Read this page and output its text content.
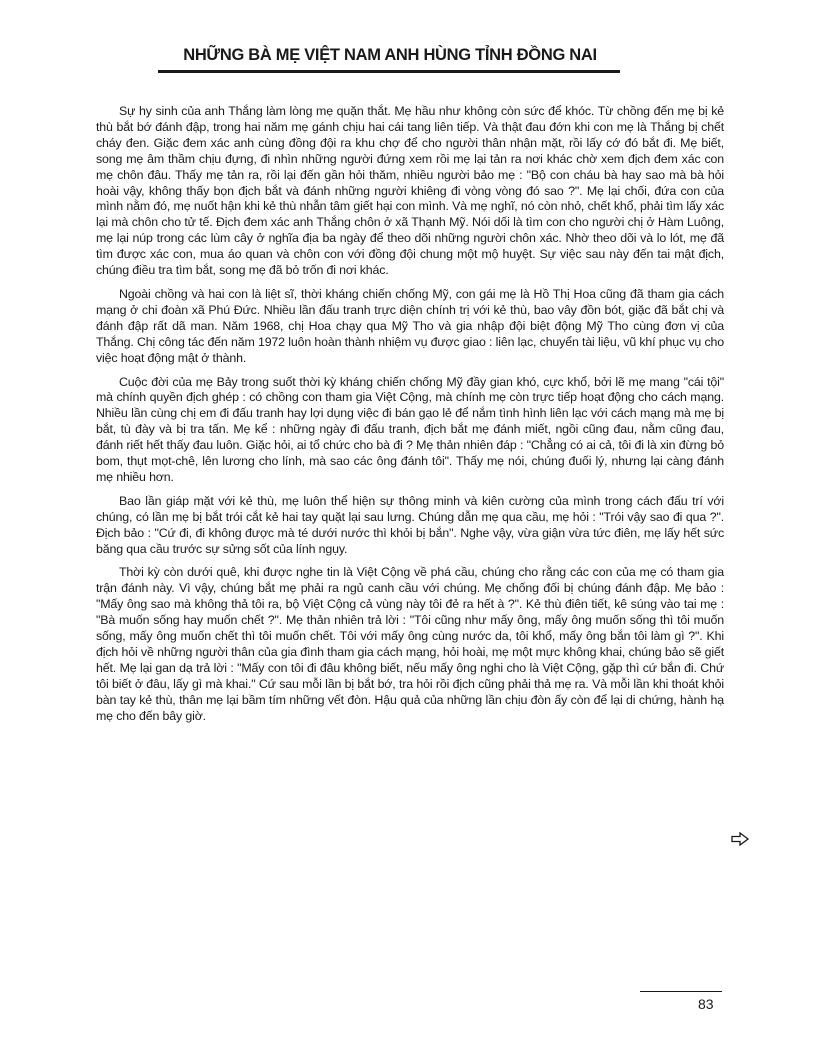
NHỮNG BÀ MẸ VIỆT NAM ANH HÙNG TỈNH ĐỒNG NAI

Sự hy sinh của anh Thắng làm lòng mẹ quặn thắt. Mẹ hầu như không còn sức để khóc. Từ chồng đến mẹ bị kẻ thù bắt bớ đánh đập, trong hai năm mẹ gánh chịu hai cái tang liên tiếp. Và thật đau đớn khi con mẹ là Thắng bị chết cháy đen. Giặc đem xác anh cùng đồng đội ra khu chợ để cho người thân nhận mặt, rồi lấy cớ đó bắt đi. Mẹ biết, song mẹ âm thầm chịu đựng, đi nhìn những người đứng xem rồi mẹ lại tản ra nơi khác chờ xem địch đem xác con mẹ chôn đâu. Thấy mẹ tản ra, rồi lại đến gần hỏi thăm, nhiều người bảo mẹ : "Bộ con cháu bà hay sao mà bà hỏi hoài vậy, không thấy bọn địch bắt và đánh những người khiêng đi vòng vòng đó sao ?". Mẹ lại chối, đứa con của mình nằm đó, mẹ nuốt hận khi kẻ thù nhẫn tâm giết hại con mình. Và mẹ nghĩ, nó còn nhỏ, chết khổ, phải tìm lấy xác lại mà chôn cho tử tế. Địch đem xác anh Thắng chôn ở xã Thạnh Mỹ. Nói dối là tìm con cho người chị ở Hàm Luông, mẹ lại núp trong các lùm cây ở nghĩa địa ba ngày để theo dõi những người chôn xác. Nhờ theo dõi và lo lót, mẹ đã tìm được xác con, mua áo quan và chôn con với đồng đội chung một mộ huyệt. Sự việc sau này đến tai mật địch, chúng điều tra tìm bắt, song mẹ đã bỏ trốn đi nơi khác.

Ngoài chồng và hai con là liệt sĩ, thời kháng chiến chống Mỹ, con gái mẹ là Hồ Thị Hoa cũng đã tham gia cách mạng ở chi đoàn xã Phú Đức. Nhiều lần đấu tranh trực diện chính trị với kẻ thù, bao vây đồn bót, giặc đã bắt chị và đánh đập rất dã man. Năm 1968, chị Hoa chạy qua Mỹ Tho và gia nhập đội biệt động Mỹ Tho cùng đơn vị của Thắng. Chị công tác đến năm 1972 luôn hoàn thành nhiệm vụ được giao : liên lạc, chuyển tài liệu, vũ khí phục vụ cho việc hoạt động mật ở thành.

Cuộc đời của mẹ Bảy trong suốt thời kỳ kháng chiến chống Mỹ đầy gian khó, cực khổ, bởi lẽ mẹ mang "cái tội" mà chính quyền địch ghép : có chồng con tham gia Việt Cộng, mà chính mẹ còn trực tiếp hoạt động cho cách mạng. Nhiều lần cùng chị em đi đấu tranh hay lợi dụng việc đi bán gạo lẻ để nắm tình hình liên lạc với cách mạng mà mẹ bị bắt, tù đày và bị tra tấn. Mẹ kể : những ngày đi đấu tranh, địch bắt mẹ đánh miết, ngồi cũng đau, nằm cũng đau, đánh riết hết thấy đau luôn. Giặc hỏi, ai tổ chức cho bà đi ? Mẹ thản nhiên đáp : "Chẳng có ai cả, tôi đi là xin đừng bỏ bom, thụt mọt-chê, lên lương cho lính, mà sao các ông đánh tôi". Thấy mẹ nói, chúng đuối lý, nhưng lại càng đánh mẹ nhiều hơn.

Bao lần giáp mặt với kẻ thù, mẹ luôn thể hiện sự thông minh và kiên cường của mình trong cách đấu trí với chúng, có lần mẹ bị bắt trói cắt kẻ hai tay quặt lại sau lưng. Chúng dẫn mẹ qua cầu, mẹ hỏi : "Trói vậy sao đi qua ?". Địch bảo : "Cứ đi, đi không được mà té dưới nước thì khỏi bị bắn". Nghe vậy, vừa giận vừa tức điên, mẹ lấy hết sức băng qua cầu trước sự sửng sốt của lính ngụy.

Thời kỳ còn dưới quê, khi được nghe tin là Việt Cộng về phá cầu, chúng cho rằng các con của mẹ có tham gia trận đánh này. Vì vậy, chúng bắt mẹ phải ra ngủ canh cầu với chúng. Mẹ chống đối bị chúng đánh đập. Mẹ bảo : "Mấy ông sao mà không thả tôi ra, bộ Việt Cộng cả vùng này tôi đẻ ra hết à ?". Kẻ thù điên tiết, kê súng vào tai mẹ : "Bà muốn sống hay muốn chết ?". Mẹ thản nhiên trả lời : "Tôi cũng như mấy ông, mấy ông muốn sống thì tôi muốn sống, mấy ông muốn chết thì tôi muốn chết. Tôi với mấy ông cùng nước da, tôi khổ, mấy ông bắn tôi làm gì ?". Khi địch hỏi về những người thân của gia đình tham gia cách mạng, hỏi hoài, mẹ một mực không khai, chúng bảo sẽ giết hết. Mẹ lại gan dạ trả lời : "Mấy con tôi đi đâu không biết, nếu mấy ông nghi cho là Việt Cộng, gặp thì cứ bắn đi. Chứ tôi biết ở đâu, lấy gì mà khai." Cứ sau mỗi lần bị bắt bớ, tra hỏi rồi địch cũng phải thả mẹ ra. Và mỗi lần khi thoát khỏi bàn tay kẻ thù, thân mẹ lại bầm tím những vết đòn. Hậu quả của những lần chịu đòn ấy còn để lại di chứng, hành hạ mẹ cho đến bây giờ.

83
